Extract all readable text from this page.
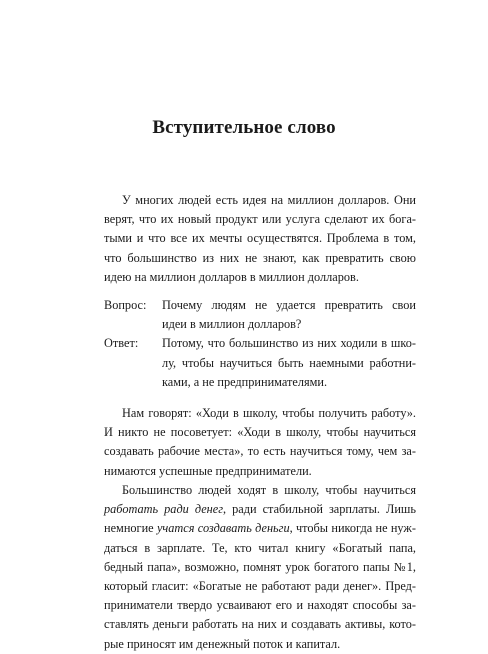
Вступительное слово
У многих людей есть идея на миллион долларов. Они
верят, что их новый продукт или услуга сделают их бога-
тыми и что все их мечты осуществятся. Проблема в том,
что большинство из них не знают, как превратить свою
идею на миллион долларов в миллион долларов.
Вопрос:	Почему людям не удается превратить свои
идеи в миллион долларов?
Ответ:	Потому, что большинство из них ходили в шко-
лу, чтобы научиться быть наемными работни-
ками, а не предпринимателями.
Нам говорят: «Ходи в школу, чтобы получить работу».
И никто не посоветует: «Ходи в школу, чтобы научиться
создавать рабочие места», то есть научиться тому, чем за-
нимаются успешные предприниматели.
Большинство людей ходят в школу, чтобы научиться
работать ради денег, ради стабильной зарплаты. Лишь
немногие учатся создавать деньги, чтобы никогда не нуж-
даться в зарплате. Те, кто читал книгу «Богатый папа,
бедный папа», возможно, помнят урок богатого папы №1,
который гласит: «Богатые не работают ради денег». Пред-
приниматели твердо усваивают его и находят способы за-
ставлять деньги работать на них и создавать активы, кото-
рые приносят им денежный поток и капитал.
